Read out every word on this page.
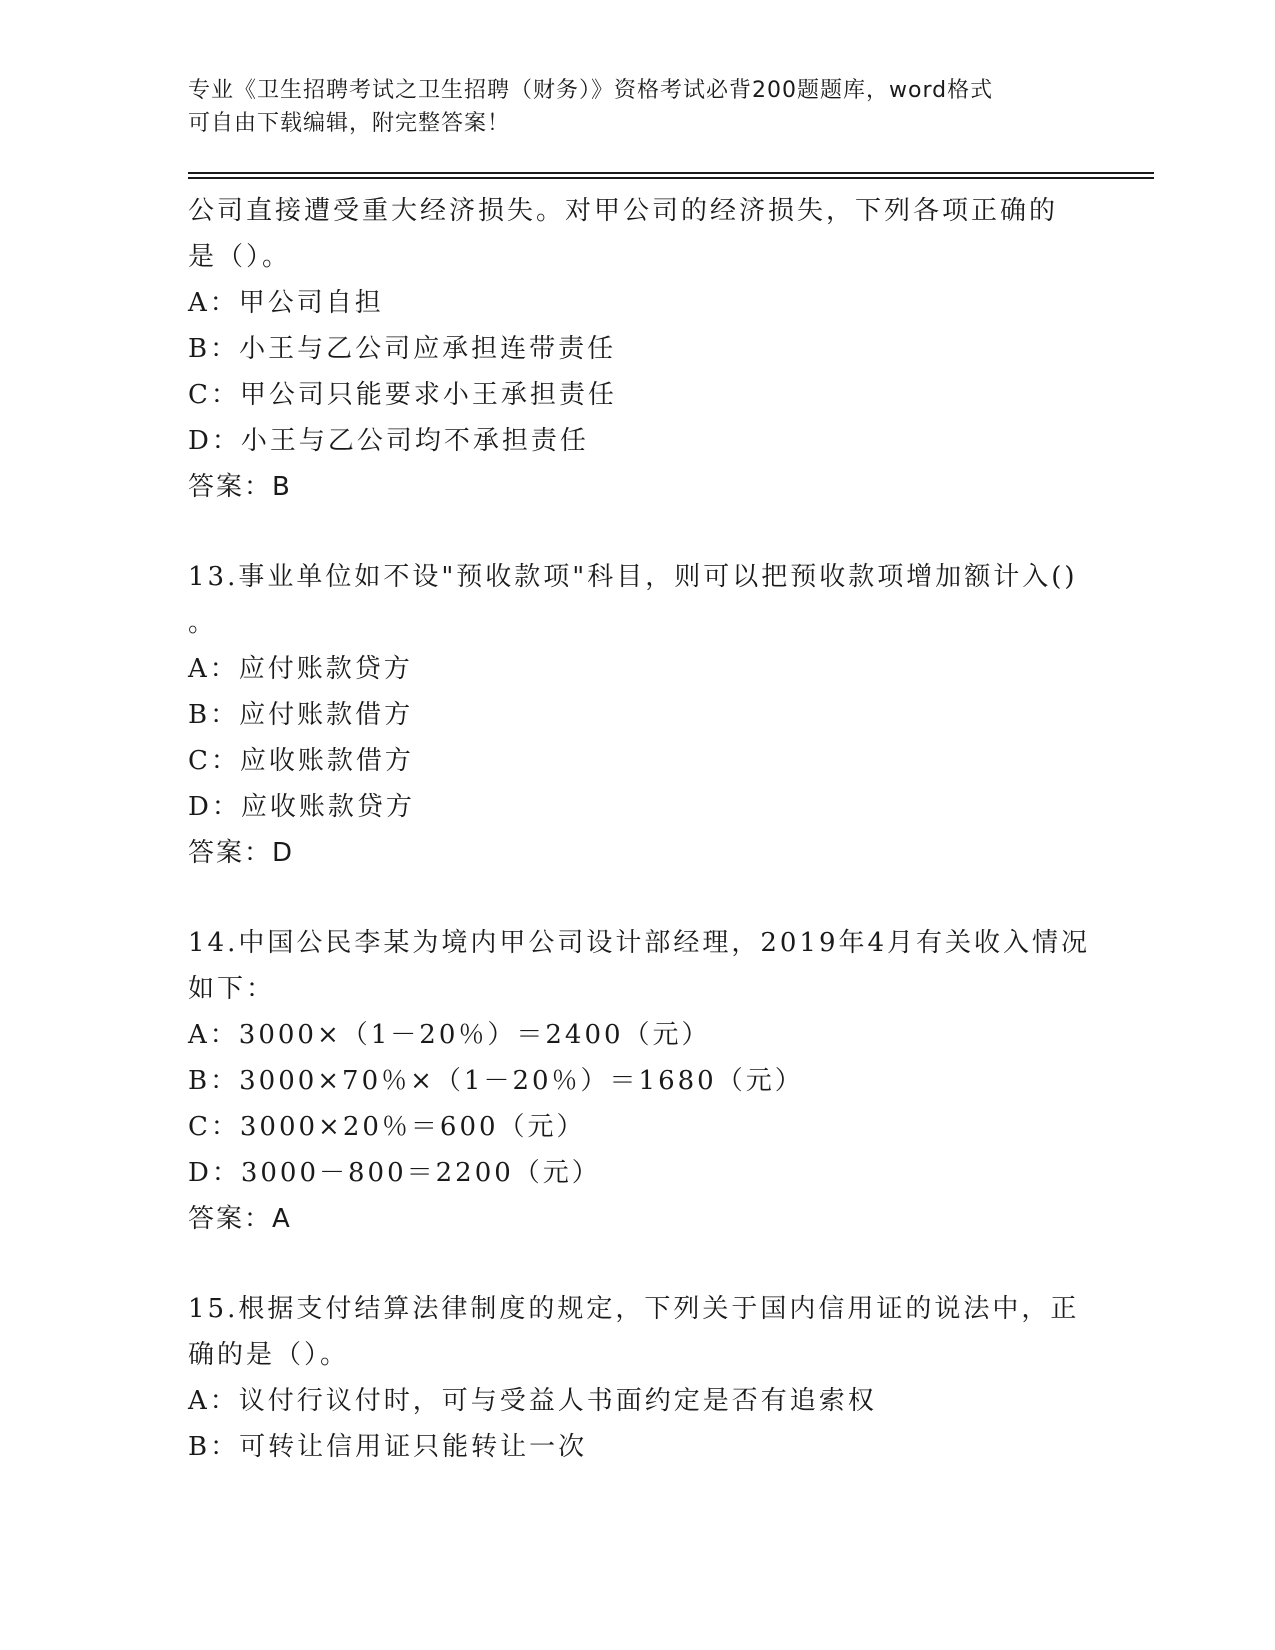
专业《卫生招聘考试之卫生招聘（财务）》资格考试必背200题题库，word格式
可自由下载编辑，附完整答案！
公司直接遭受重大经济损失。对甲公司的经济损失，下列各项正确的
是（）。
A：甲公司自担
B：小王与乙公司应承担连带责任
C：甲公司只能要求小王承担责任
D：小王与乙公司均不承担责任
答案：B
13.事业单位如不设"预收款项"科目，则可以把预收款项增加额计入()
。
A：应付账款贷方
B：应付账款借方
C：应收账款借方
D：应收账款贷方
答案：D
14.中国公民李某为境内甲公司设计部经理，2019年4月有关收入情况
如下：
A：3000×（1－20％）＝2400（元）
B：3000×70％×（1－20％）＝1680（元）
C：3000×20％＝600（元）
D：3000－800＝2200（元）
答案：A
15.根据支付结算法律制度的规定，下列关于国内信用证的说法中，正
确的是（）。
A：议付行议付时，可与受益人书面约定是否有追索权
B：可转让信用证只能转让一次
